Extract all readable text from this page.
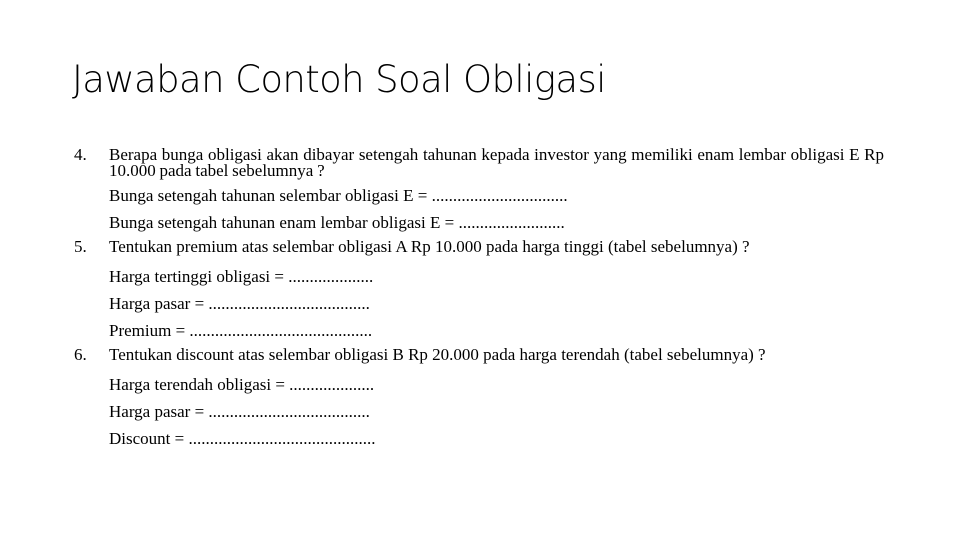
Jawaban Contoh Soal Obligasi
4. Berapa bunga obligasi akan dibayar setengah tahunan kepada investor yang memiliki enam lembar obligasi E Rp 10.000 pada tabel sebelumnya ?
Bunga setengah tahunan selembar obligasi E = ................................
Bunga setengah tahunan enam lembar obligasi E = .........................
5. Tentukan premium atas selembar obligasi A Rp 10.000 pada harga tinggi (tabel sebelumnya) ?
Harga tertinggi obligasi = ....................
Harga pasar = ......................................
Premium = ...........................................
6. Tentukan discount atas selembar obligasi B Rp 20.000 pada harga terendah (tabel sebelumnya) ?
Harga terendah obligasi = ....................
Harga pasar = ......................................
Discount = ............................................
